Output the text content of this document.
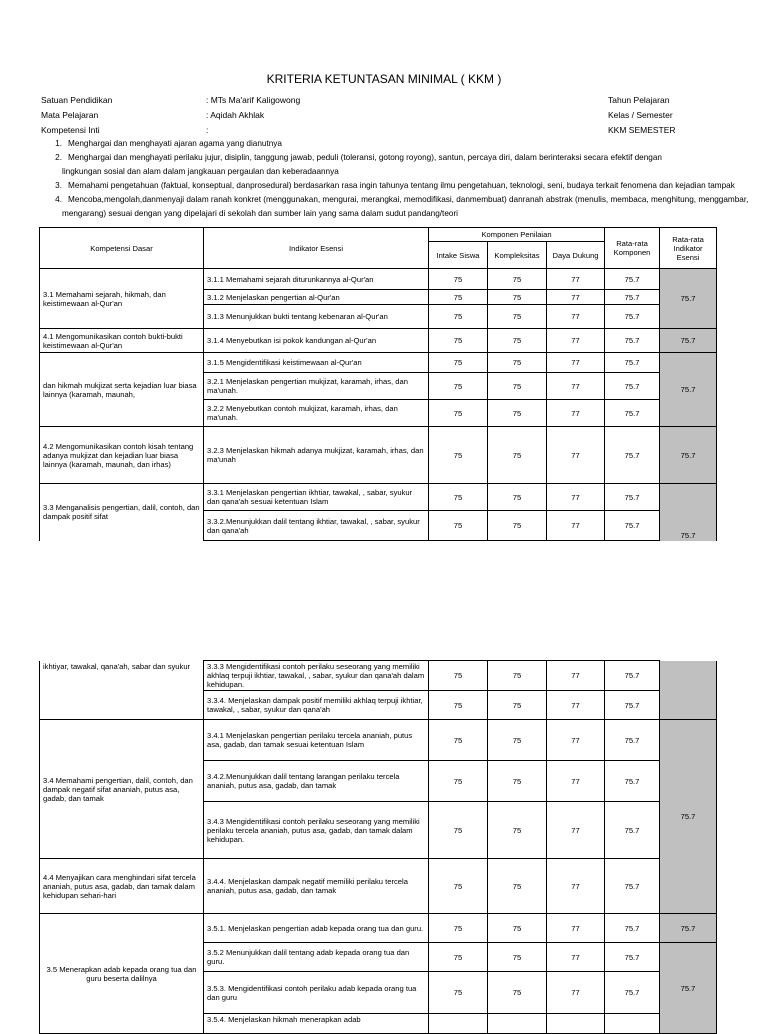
KRITERIA KETUNTASAN MINIMAL ( KKM )
Satuan Pendidikan	: MTs Ma'arif Kaligowong
Mata Pelajaran	: Aqidah Akhlak
Kompetensi Inti	:
Tahun Pelajaran
Kelas / Semester
KKM SEMESTER
1. Menghargai dan menghayati ajaran agama yang dianutnya
2. Menghargai dan menghayati perilaku jujur, disiplin, tanggung jawab, peduli (toleransi, gotong royong), santun, percaya diri, dalam berinteraksi secara efektif dengan
lingkungan sosial dan alam dalam jangkauan pergaulan dan keberadaannya
3. Memahami pengetahuan (faktual, konseptual, danprosedural) berdasarkan rasa ingin tahunya tentang ilmu pengetahuan, teknologi, seni, budaya terkait fenomena dan kejadian tampak
4. Mencoba,mengolah,danmenyaji dalam ranah konkret (menggunakan, mengurai, merangkai, memodifikasi, danmembuat) danranah abstrak (menulis, membaca, menghitung, menggambar,
mengarang) sesuai dengan yang dipelajari di sekolah dan sumber lain yang sama dalam sudut pandang/teori
Kompetensi Dasar	Indikator Esensi	Komponen Penilaian			Rata-rata Komponen	Rata-rata Indikator Esensi
		Intake Siswa	Kompleksitas	Daya Dukung		
3.1 Memahami sejarah, hikmah, dan keistimewaan al-Qur'an	3.1.1 Memahami sejarah diturunkannya al-Qur'an	75	75	77	75.7	75.7
	3.1.2 Menjelaskan pengertian al-Qur'an	75	75	77	75.7	
	3.1.3 Menunjukkan bukti tentang kebenaran al-Qur'an	75	75	77	75.7	
4.1 Mengomunikasikan contoh bukti-bukti keistimewaan al-Qur'an	3.1.4 Menyebutkan isi pokok kandungan al-Qur'an	75	75	77	75.7	75.7
dan hikmah mukjizat serta kejadian luar biasa lainnya (karamah, maunah,	3.1.5 Mengidentifikasi keistimewaan al-Qur'an	75	75	77	75.7	75.7
	3.2.1 Menjelaskan pengertian mukjizat, karamah, irhas, dan ma'unah.	75	75	77	75.7	
	3.2.2 Menyebutkan contoh mukjizat, karamah, irhas, dan ma'unah.	75	75	77	75.7	
4.2 Mengomunikasikan contoh kisah tentang adanya mukjizat dan kejadian luar biasa lainnya (karamah, maunah, dan irhas)	3.2.3 Menjelaskan hikmah adanya mukjizat, karamah, irhas, dan ma'unah	75	75	77	75.7	75.7
3.3 Menganalisis pengertian, dalil, contoh, dan dampak positif sifat	3.3.1 Menjelaskan pengertian ikhtiar, tawakal, , sabar, syukur dan qana'ah sesuai ketentuan Islam	75	75	77	75.7	75.7
	3.3.2.Menunjukkan dalil tentang ikhtiar, tawakal, , sabar, syukur dan qana'ah	75	75	77	75.7	
ikhtiyar, tawakal, qana'ah, sabar dan syukur	3.3.3 Mengidentifikasi contoh perilaku seseorang yang memiliki akhlaq terpuji ikhtiar, tawakal, , sabar, syukur dan qana'ah dalam kehidupan.	75	75	77	75.7	
	3.3.4. Menjelaskan dampak positif memiliki akhlaq terpuji ikhtiar, tawakal, , sabar, syukur dan qana'ah	75	75	77	75.7	
3.4 Memahami pengertian, dalil, contoh, dan dampak negatif sifat ananiah, putus asa, gadab, dan tamak	3.4.1 Menjelaskan pengertian perilaku tercela ananiah, putus asa, gadab, dan tamak sesuai ketentuan Islam	75	75	77	75.7	75.7
	3.4.2.Menunjukkan dalil tentang larangan perilaku tercela ananiah, putus asa, gadab, dan tamak	75	75	77	75.7	
	3.4.3 Mengidentifikasi contoh perilaku seseorang yang memiliki perilaku tercela ananiah, putus asa, gadab, dan tamak dalam kehidupan.	75	75	77	75.7	
4.4 Menyajikan cara menghindari sifat tercela ananiah, putus asa, gadab, dan tamak dalam kehidupan sehari-hari	3.4.4. Menjelaskan dampak negatif memiliki perilaku tercela ananiah, putus asa, gadab, dan tamak	75	75	77	75.7	
3.5 Menerapkan adab kepada orang tua dan guru beserta dalilnya	3.5.1. Menjelaskan pengertian adab kepada orang tua dan guru.	75	75	77	75.7	75.7
	3.5.2 Menunjukkan dalil tentang adab kepada orang tua dan guru.	75	75	77	75.7	75.7
	3.5.3. Mengidentifikasi contoh perilaku adab kepada orang tua dan guru	75	75	77	75.7	
	3.5.4. Menjelaskan hikmah menerapkan adab					
